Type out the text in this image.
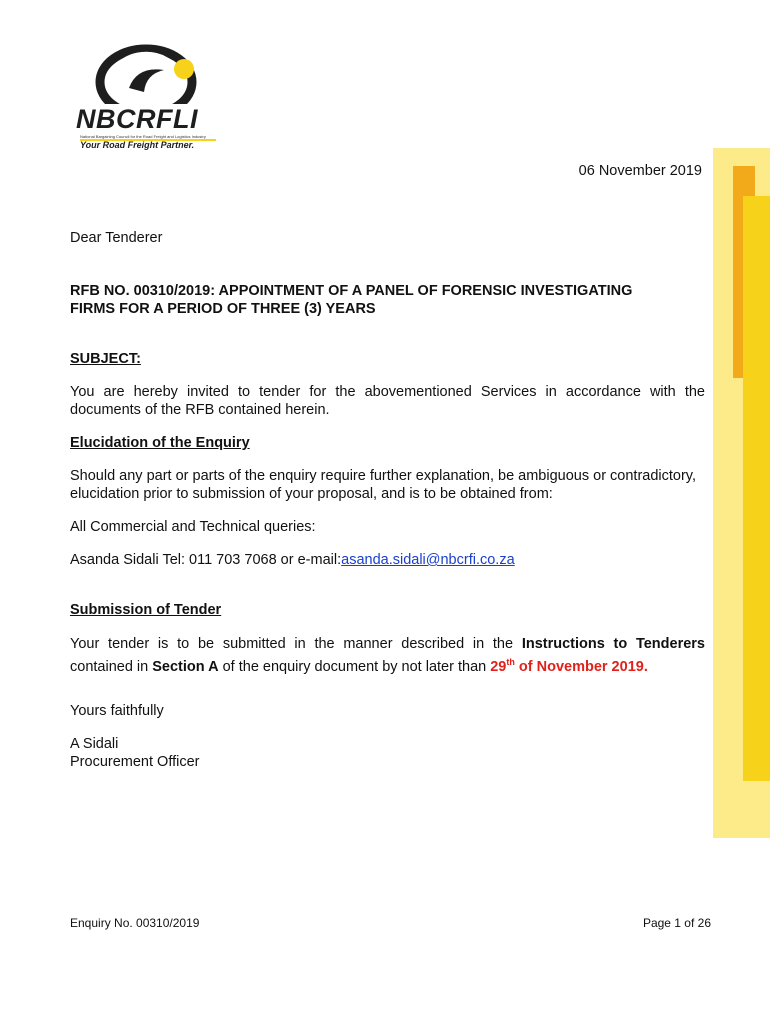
NBCRFLI
National Bargaining Council for the Road Freight and Logistics Industry
Your Road Freight Partner.

06 November 2019

Dear Tenderer

RFB NO. 00310/2019: APPOINTMENT OF A PANEL OF FORENSIC INVESTIGATING

FIRMS FOR A PERIOD OF THREE (3) YEARS

SUBJECT:

You are hereby invited to tender for the abovementioned Services in accordance with the documents of the RFB contained herein.

Elucidation of the Enquiry

Should any part or parts of the enquiry require further explanation, be ambiguous or contradictory, elucidation prior to submission of your proposal, and is to be obtained from:

All Commercial and Technical queries:

Asanda Sidali Tel: 011 703 7068 or e-mail:asanda.sidali@nbcrfi.co.za

Submission of Tender

Your tender is to be submitted in the manner described in the Instructions to Tenderers contained in Section A of the enquiry document by not later than 29th of November 2019.

Yours faithfully

A Sidali

Procurement Officer

Enquiry No. 00310/2019	Page 1 of 26
